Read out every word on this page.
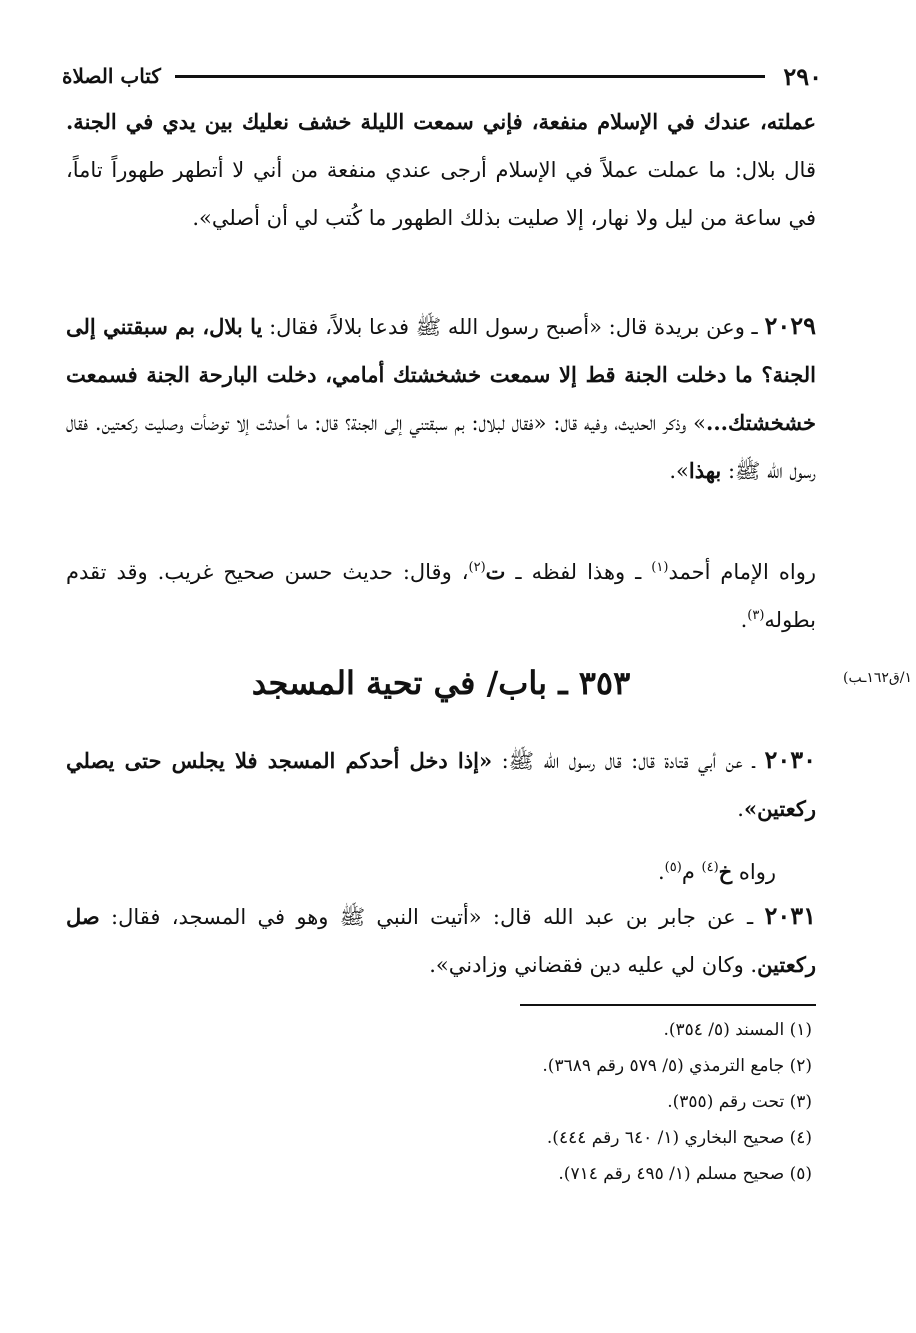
٢٩٠
كتاب الصلاة

عملته، عندك في الإسلام منفعة، فإني سمعت الليلة خشف نعليك بين يدي في الجنة. قال بلال: ما عملت عملاً في الإسلام أرجى عندي منفعة من أني لا أتطهر طهوراً تاماً، في ساعة من ليل ولا نهار، إلا صليت بذلك الطهور ما كُتب لي أن أصلي».

٢٠٢٩ ـ وعن بريدة قال: «أصبح رسول الله ﷺ فدعا بلالاً، فقال: يا بلال، بم سبقتني إلى الجنة؟ ما دخلت الجنة قط إلا سمعت خشخشتك أمامي، دخلت البارحة الجنة فسمعت خشخشتك...» وذكر الحديث، وفيه قال: «فقال لبلال: بم سبقتني إلى الجنة؟ قال: ما أحدثت إلا توضأت وصليت ركعتين. فقال رسول الله ﷺ: بهذا».

رواه الإمام أحمد$^{(١)}$ ـ وهذا لفظه ـ ت$^{(٢)}$، وقال: حديث حسن صحيح غريب. وقد تقدم بطوله$^{(٣)}$.

٣٥٣ ـ باب/ في تحية المسجد	١/ق١٦٢ـب)

٢٠٣٠ ـ عن أبي قتادة قال: قال رسول الله ﷺ: «إذا دخل أحدكم المسجد فلا يجلس حتى يصلي ركعتين».

رواه خ$^{(٤)}$ م$^{(٥)}$.

٢٠٣١ ـ عن جابر بن عبد الله قال: «أتيت النبي ﷺ وهو في المسجد، فقال: صل ركعتين. وكان لي عليه دين فقضاني وزادني».

(١) المسند (٥/ ٣٥٤).
(٢) جامع الترمذي (٥/ ٥٧٩ رقم ٣٦٨٩).
(٣) تحت رقم (٣٥٥).
(٤) صحيح البخاري (١/ ٦٤٠ رقم ٤٤٤).
(٥) صحيح مسلم (١/ ٤٩٥ رقم ٧١٤).
